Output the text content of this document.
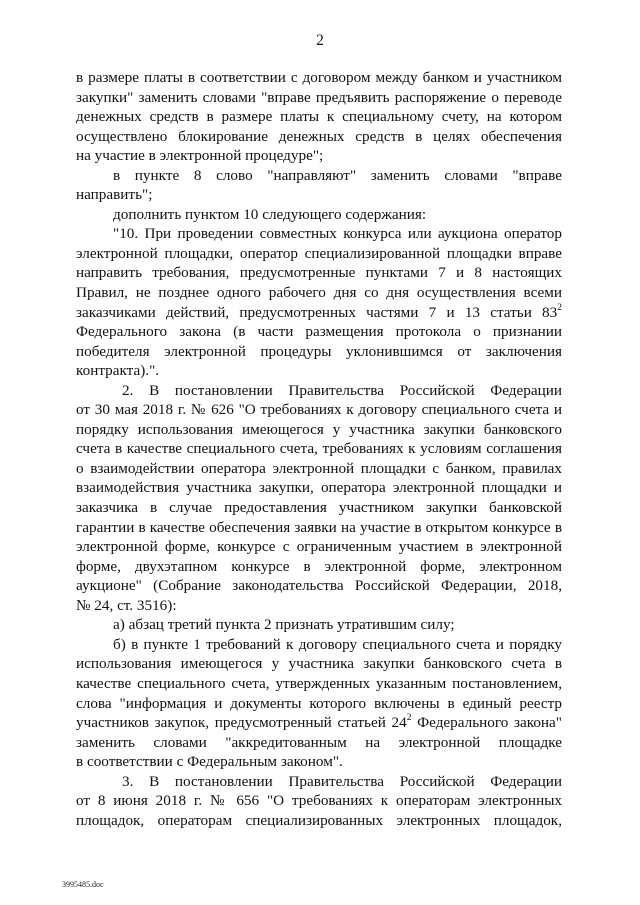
2
в размере платы в соответствии с договором между банком и участником
закупки" заменить словами "вправе предъявить распоряжение о переводе
денежных средств в размере платы к специальному счету, на котором
осуществлено блокирование денежных средств в целях обеспечения
на участие в электронной процедуре";
в пункте 8 слово "направляют" заменить словами "вправе
направить";
дополнить пунктом 10 следующего содержания:
"10. При проведении совместных конкурса или аукциона оператор
электронной площадки, оператор специализированной площадки вправе
направить требования, предусмотренные пунктами 7 и 8 настоящих
Правил, не позднее одного рабочего дня со дня осуществления всеми
заказчиками действий, предусмотренных частями 7 и 13 статьи $83^2$
Федерального закона (в части размещения протокола о признании
победителя электронной процедуры уклонившимся от заключения
контракта).".
2. В постановлении Правительства Российской Федерации
от 30 мая 2018 г. № 626 "О требованиях к договору специального счета и
порядку использования имеющегося у участника закупки банковского
счета в качестве специального счета, требованиях к условиям соглашения
о взаимодействии оператора электронной площадки с банком, правилах
взаимодействия участника закупки, оператора электронной площадки и
заказчика в случае предоставления участником закупки банковской
гарантии в качестве обеспечения заявки на участие в открытом конкурсе в
электронной форме, конкурсе с ограниченным участием в электронной
форме, двухэтапном конкурсе в электронной форме, электронном
аукционе" (Собрание законодательства Российской Федерации, 2018,
№ 24, ст. 3516):
а) абзац третий пункта 2 признать утратившим силу;
б) в пункте 1 требований к договору специального счета и порядку
использования имеющегося у участника закупки банковского счета в
качестве специального счета, утвержденных указанным постановлением,
слова "информация и документы которого включены в единый реестр
участников закупок, предусмотренный статьей $24^2$ Федерального закона"
заменить словами "аккредитованным на электронной площадке
в соответствии с Федеральным законом".
3. В постановлении Правительства Российской Федерации
от 8 июня 2018 г. № 656 "О требованиях к операторам электронных
площадок, операторам специализированных электронных площадок,
3995485.doc
